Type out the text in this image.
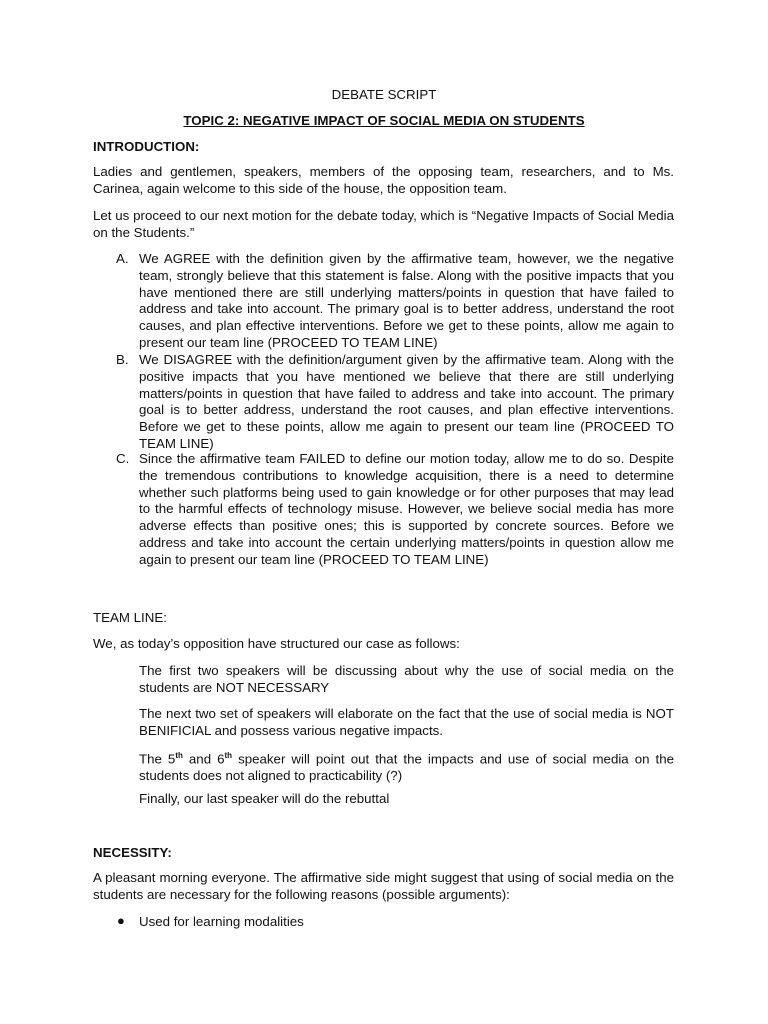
DEBATE SCRIPT
TOPIC 2: NEGATIVE IMPACT OF SOCIAL MEDIA ON STUDENTS
INTRODUCTION:
Ladies and gentlemen, speakers, members of the opposing team, researchers, and to Ms. Carinea, again welcome to this side of the house, the opposition team.
Let us proceed to our next motion for the debate today, which is “Negative Impacts of Social Media on the Students.”
A. We AGREE with the definition given by the affirmative team, however, we the negative team, strongly believe that this statement is false. Along with the positive impacts that you have mentioned there are still underlying matters/points in question that have failed to address and take into account. The primary goal is to better address, understand the root causes, and plan effective interventions. Before we get to these points, allow me again to present our team line (PROCEED TO TEAM LINE)
B. We DISAGREE with the definition/argument given by the affirmative team. Along with the positive impacts that you have mentioned we believe that there are still underlying matters/points in question that have failed to address and take into account. The primary goal is to better address, understand the root causes, and plan effective interventions. Before we get to these points, allow me again to present our team line (PROCEED TO TEAM LINE)
C. Since the affirmative team FAILED to define our motion today, allow me to do so. Despite the tremendous contributions to knowledge acquisition, there is a need to determine whether such platforms being used to gain knowledge or for other purposes that may lead to the harmful effects of technology misuse. However, we believe social media has more adverse effects than positive ones; this is supported by concrete sources. Before we address and take into account the certain underlying matters/points in question allow me again to present our team line (PROCEED TO TEAM LINE)
TEAM LINE:
We, as today’s opposition have structured our case as follows:
The first two speakers will be discussing about why the use of social media on the students are NOT NECESSARY
The next two set of speakers will elaborate on the fact that the use of social media is NOT BENIFICIAL and possess various negative impacts.
The 5th and 6th speaker will point out that the impacts and use of social media on the students does not aligned to practicability (?)
Finally, our last speaker will do the rebuttal
NECESSITY:
A pleasant morning everyone. The affirmative side might suggest that using of social media on the students are necessary for the following reasons (possible arguments):
● Used for learning modalities
